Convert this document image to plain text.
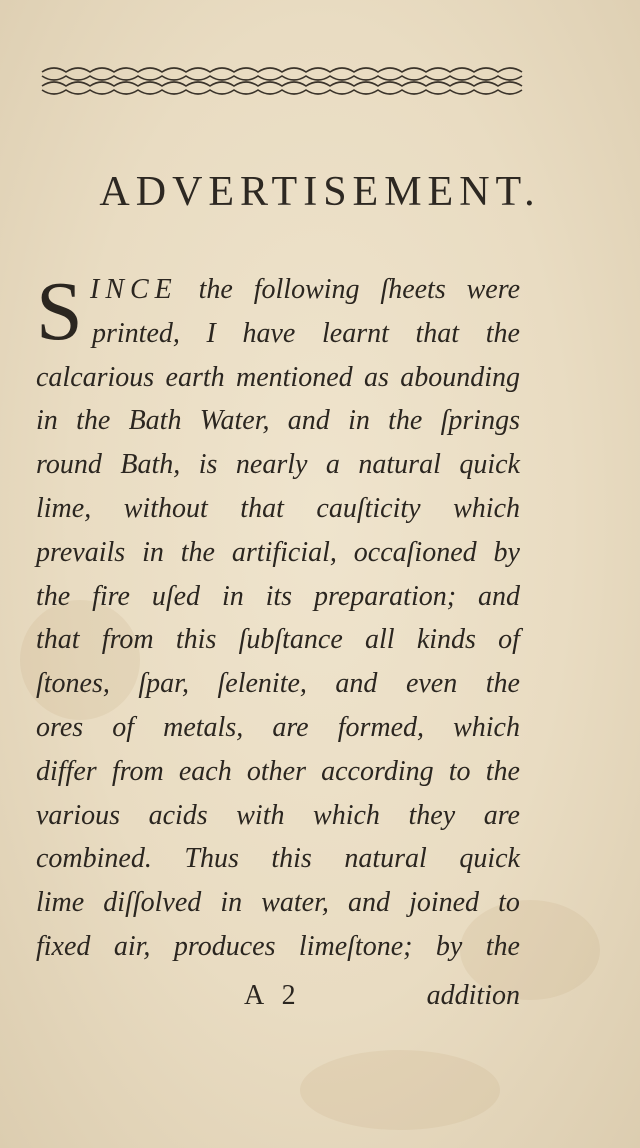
ADVERTISEMENT.
S INCE the following ſheets were
printed, I have learnt that the
calcarious earth mentioned as abounding
in the Bath Water, and in the ſprings
round Bath, is nearly a natural quick
lime, without that cauſticity which
prevails in the artificial, occaſioned by
the fire uſed in its preparation; and
that from this ſubſtance all kinds of
ſtones, ſpar, ſelenite, and even the
ores of metals, are formed, which
differ from each other according to the
various acids with which they are
combined. Thus this natural quick
lime diſſolved in water, and joined to
fixed air, produces limeſtone; by the
A 2	addition
